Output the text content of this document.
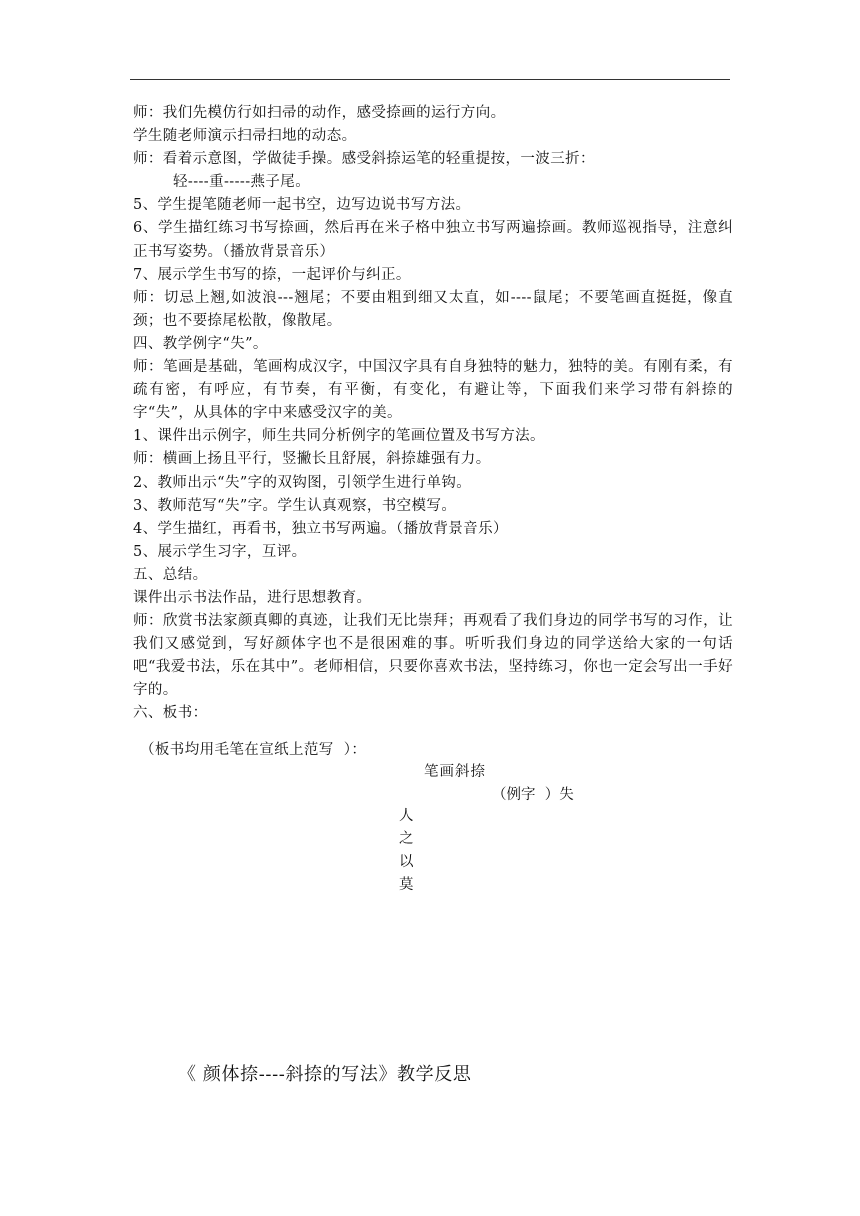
师：我们先模仿行如扫帚的动作，感受捺画的运行方向。

学生随老师演示扫帚扫地的动态。

师：看着示意图，学做徒手操。感受斜捺运笔的轻重提按，一波三折：

轻----重-----燕子尾。

5、学生提笔随老师一起书空，边写边说书写方法。

6、学生描红练习书写捺画，然后再在米子格中独立书写两遍捺画。教师巡视指导，注意纠正书写姿势。（播放背景音乐）

7、展示学生书写的捺，一起评价与纠正。

师：切忌上翘,如波浪---翘尾；不要由粗到细又太直，如----鼠尾；不要笔画直挺挺，像直颈；也不要捺尾松散，像散尾。

四、教学例字“失”。

师：笔画是基础，笔画构成汉字，中国汉字具有自身独特的魅力，独特的美。有刚有柔，有疏有密，有呼应，有节奏，有平衡，有变化，有避让等，下面我们来学习带有斜捺的字“失”，从具体的字中来感受汉字的美。

1、课件出示例字，师生共同分析例字的笔画位置及书写方法。

师：横画上扬且平行，竖撇长且舒展，斜捺雄强有力。

2、教师出示“失”字的双钩图，引领学生进行单钩。

3、教师范写“失”字。学生认真观察，书空模写。

4、学生描红，再看书，独立书写两遍。（播放背景音乐）

5、展示学生习字，互评。

五、总结。

课件出示书法作品，进行思想教育。

师：欣赏书法家颜真卿的真迹，让我们无比崇拜；再观看了我们身边的同学书写的习作，让我们又感觉到，写好颜体字也不是很困难的事。听听我们身边的同学送给大家的一句话吧“我爱书法，乐在其中”。老师相信，只要你喜欢书法，坚持练习，你也一定会写出一手好字的。

六、板书：

（板书均用毛笔在宣纸上范写  ）：
笔画斜捺
（例字  ）失
人
之
以
莫
《 颜体捺----斜捺的写法》教学反思
